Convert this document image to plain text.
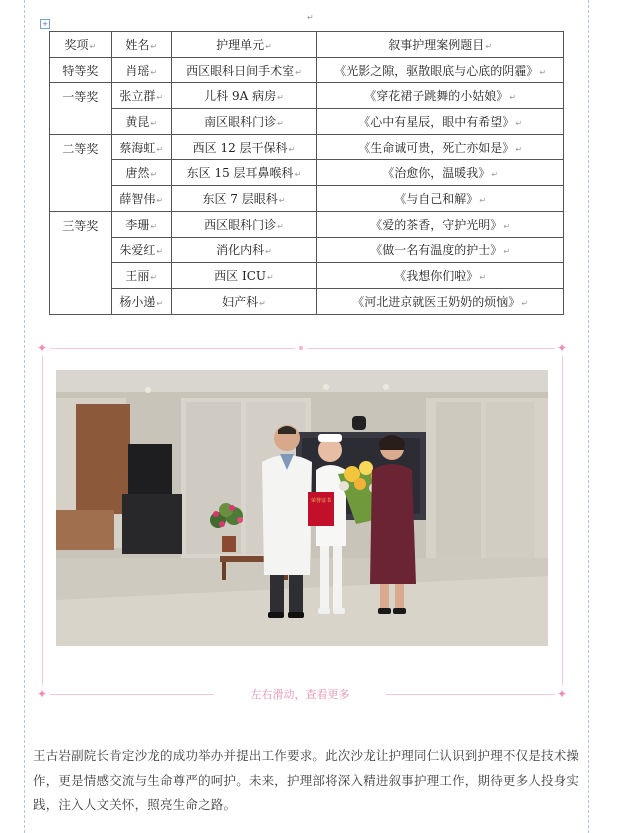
+
↵
奖项↵	姓名↵	护理单元↵	叙事护理案例题目↵
特等奖	肖瑶↵	西区眼科日间手术室↵	《光影之隙，驱散眼底与心底的阴霾》↵
一等奖	张立群↵	儿科 9A 病房↵	《穿花裙子跳舞的小姑娘》↵
	黄昆↵	南区眼科门诊↵	《心中有星辰，眼中有希望》↵
二等奖	蔡海虹↵	西区 12 层干保科↵	《生命诚可贵，死亡亦如是》↵
	唐然↵	东区 15 层耳鼻喉科↵	《治愈你，温暖我》↵
	薛智伟↵	东区 7 层眼科↵	《与自己和解》↵
三等奖	李珊↵	西区眼科门诊↵	《爱的茶香，守护光明》↵
	朱爱红↵	消化内科↵	《做一名有温度的护士》↵
	王丽↵	西区 ICU↵	《我想你们啦》↵
	杨小递↵	妇产科↵	《河北进京就医王奶奶的烦恼》↵
✦	✦
荣誉证书
✦	✦
左右滑动，查看更多

王古岩副院长肯定沙龙的成功举办并提出工作要求。此次沙龙让护理同仁认识到护理不仅是技术操作，更是情感交流与生命尊严的呵护。未来，护理部将深入精进叙事护理工作，期待更多人投身实践，注入人文关怀，照亮生命之路。
